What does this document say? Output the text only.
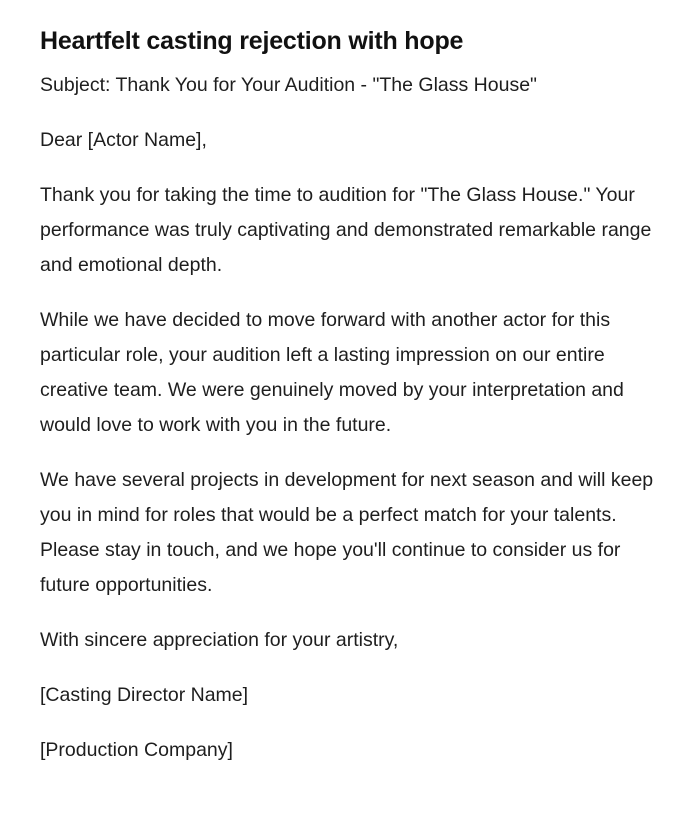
Heartfelt casting rejection with hope

Subject: Thank You for Your Audition - "The Glass House"

Dear [Actor Name],

Thank you for taking the time to audition for "The Glass House." Your performance was truly captivating and demonstrated remarkable range and emotional depth.

While we have decided to move forward with another actor for this particular role, your audition left a lasting impression on our entire creative team. We were genuinely moved by your interpretation and would love to work with you in the future.

We have several projects in development for next season and will keep you in mind for roles that would be a perfect match for your talents. Please stay in touch, and we hope you'll continue to consider us for future opportunities.

With sincere appreciation for your artistry,

[Casting Director Name]

[Production Company]
